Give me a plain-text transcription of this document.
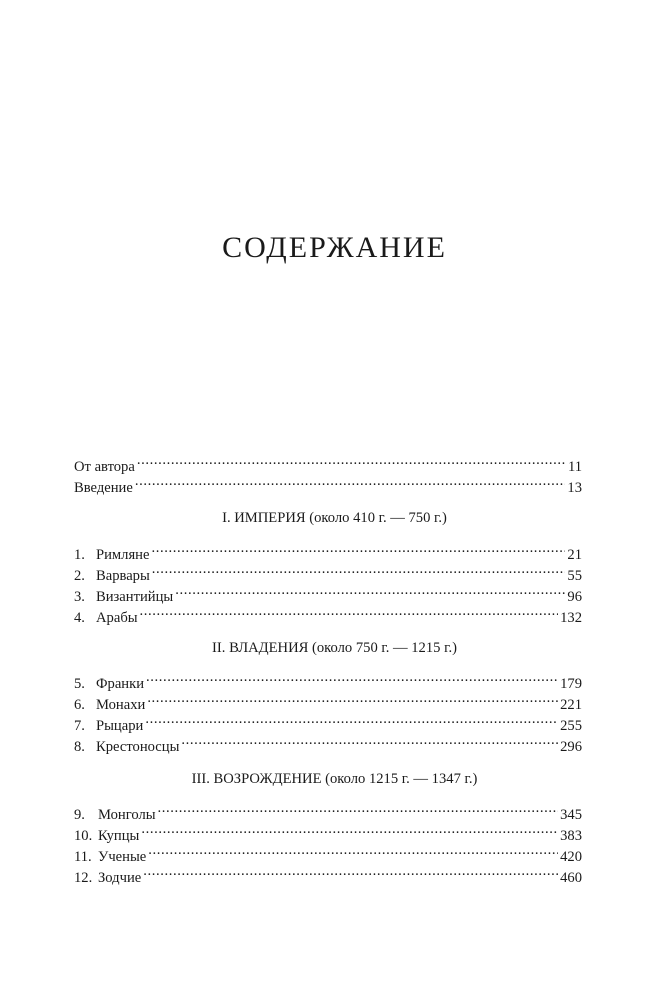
СОДЕРЖАНИЕ
От автора .....	11
Введение .....	13
I. ИМПЕРИЯ (около 410 г. — 750 г.)
1. Римляне .....	21
2. Варвары .....	55
3. Византийцы .....	96
4. Арабы .....	132
II. ВЛАДЕНИЯ (около 750 г. — 1215 г.)
5. Франки .....	179
6. Монахи .....	221
7. Рыцари .....	255
8. Крестоносцы .....	296
III. ВОЗРОЖДЕНИЕ (около 1215 г. — 1347 г.)
9. Монголы .....	345
10. Купцы .....	383
11. Ученые .....	420
12. Зодчие .....	460
